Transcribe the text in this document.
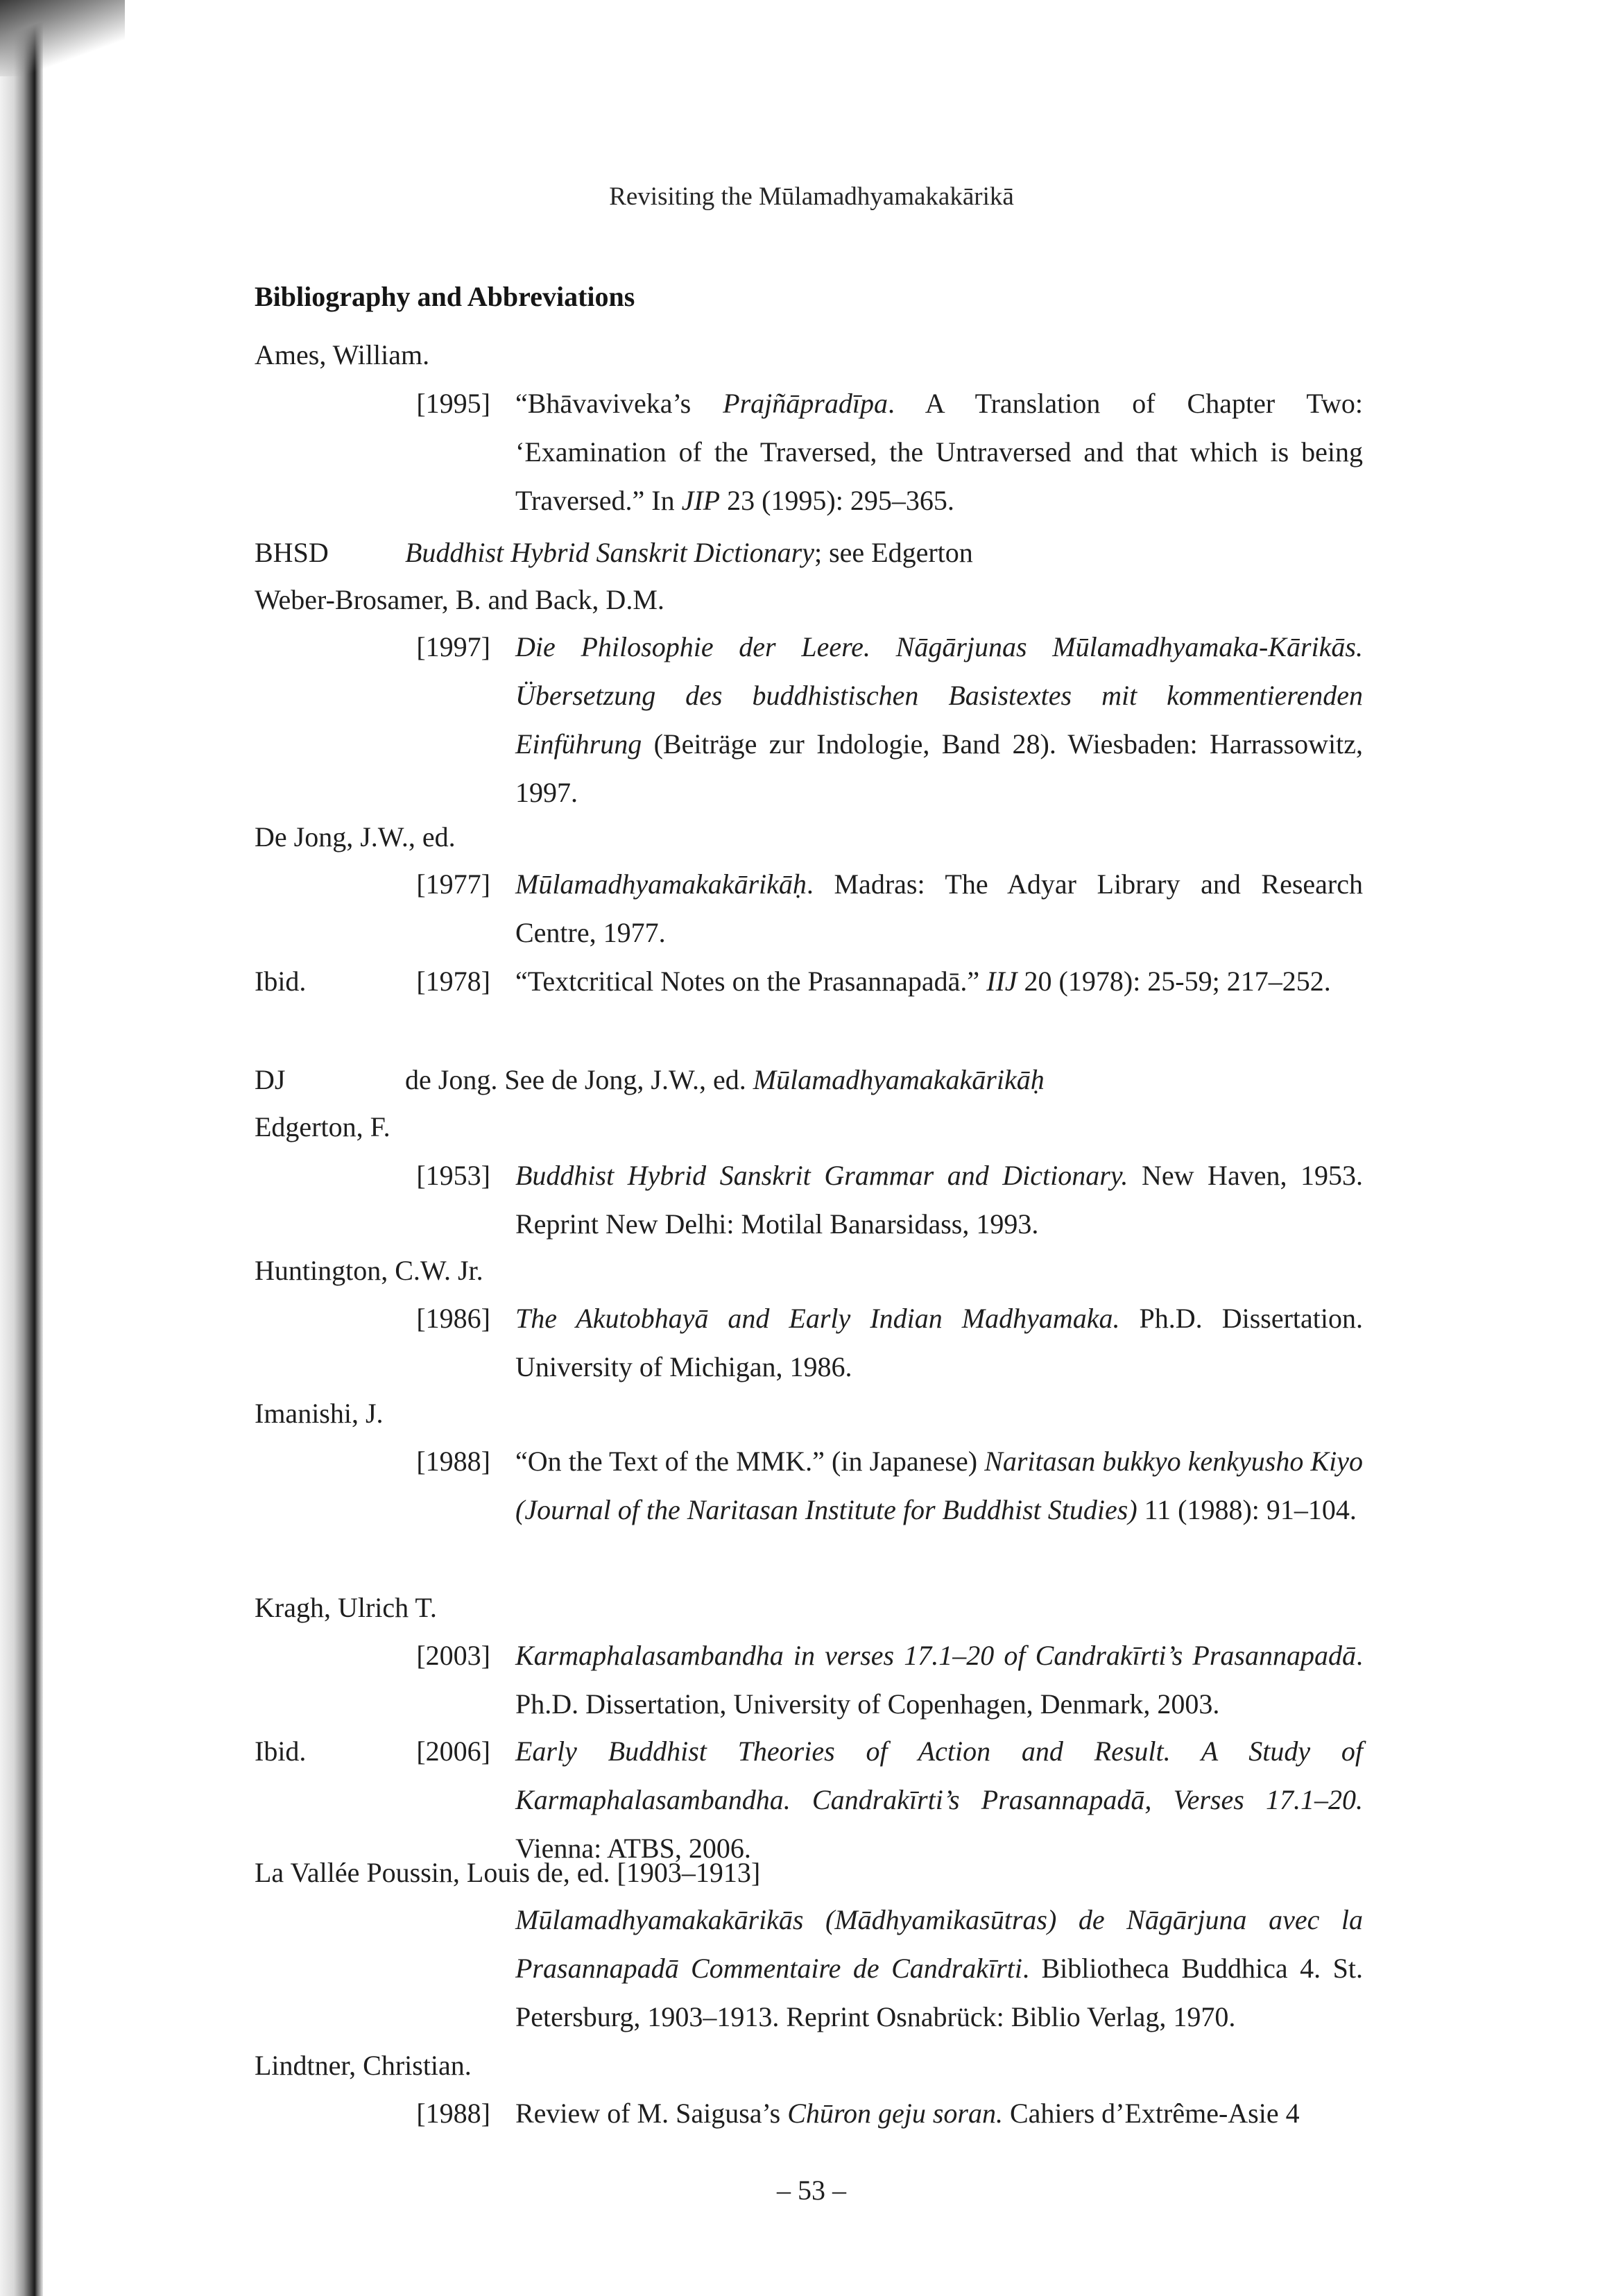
Revisiting the Mūlamadhyamakakārikā

Bibliography and Abbreviations

Ames, William.

[1995] “Bhāvaviveka’s Prajñāpradīpa. A Translation of Chapter Two: ‘Examination of the Traversed, the Untraversed and that which is being Traversed.” In JIP 23 (1995): 295–365.

BHSD	Buddhist Hybrid Sanskrit Dictionary; see Edgerton

Weber-Brosamer, B. and Back, D.M.

[1997] Die Philosophie der Leere. Nāgārjunas Mūlamadhyamaka-Kārikās. Übersetzung des buddhistischen Basistextes mit kommentierenden Einführung (Beiträge zur Indologie, Band 28). Wiesbaden: Harrassowitz, 1997.

De Jong, J.W., ed.

[1977] Mūlamadhyamakakārikāḥ. Madras: The Adyar Library and Research Centre, 1977.

Ibid.	[1978] “Textcritical Notes on the Prasannapadā.” IIJ 20 (1978): 25-59; 217–252.

DJ	de Jong. See de Jong, J.W., ed. Mūlamadhyamakakārikāḥ

Edgerton, F.

[1953] Buddhist Hybrid Sanskrit Grammar and Dictionary. New Haven, 1953. Reprint New Delhi: Motilal Banarsidass, 1993.

Huntington, C.W. Jr.

[1986] The Akutobhayā and Early Indian Madhyamaka. Ph.D. Dissertation. University of Michigan, 1986.

Imanishi, J.

[1988] “On the Text of the MMK.” (in Japanese) Naritasan bukkyo kenkyusho Kiyo (Journal of the Naritasan Institute for Buddhist Studies) 11 (1988): 91–104.

Kragh, Ulrich T.

[2003] Karmaphalasambandha in verses 17.1–20 of Candrakīrti’s Prasannapadā. Ph.D. Dissertation, University of Copenhagen, Denmark, 2003.

Ibid.	[2006] Early Buddhist Theories of Action and Result. A Study of Karmaphalasambandha. Candrakīrti’s Prasannapadā, Verses 17.1–20. Vienna: ATBS, 2006.

La Vallée Poussin, Louis de, ed. [1903–1913]

Mūlamadhyamakakārikās (Mādhyamikasūtras) de Nāgārjuna avec la Prasannapadā Commentaire de Candrakīrti. Bibliotheca Buddhica 4. St. Petersburg, 1903–1913. Reprint Osnabrück: Biblio Verlag, 1970.

Lindtner, Christian.

[1988] Review of M. Saigusa’s Chūron geju soran. Cahiers d’Extrême-Asie 4

– 53 –
